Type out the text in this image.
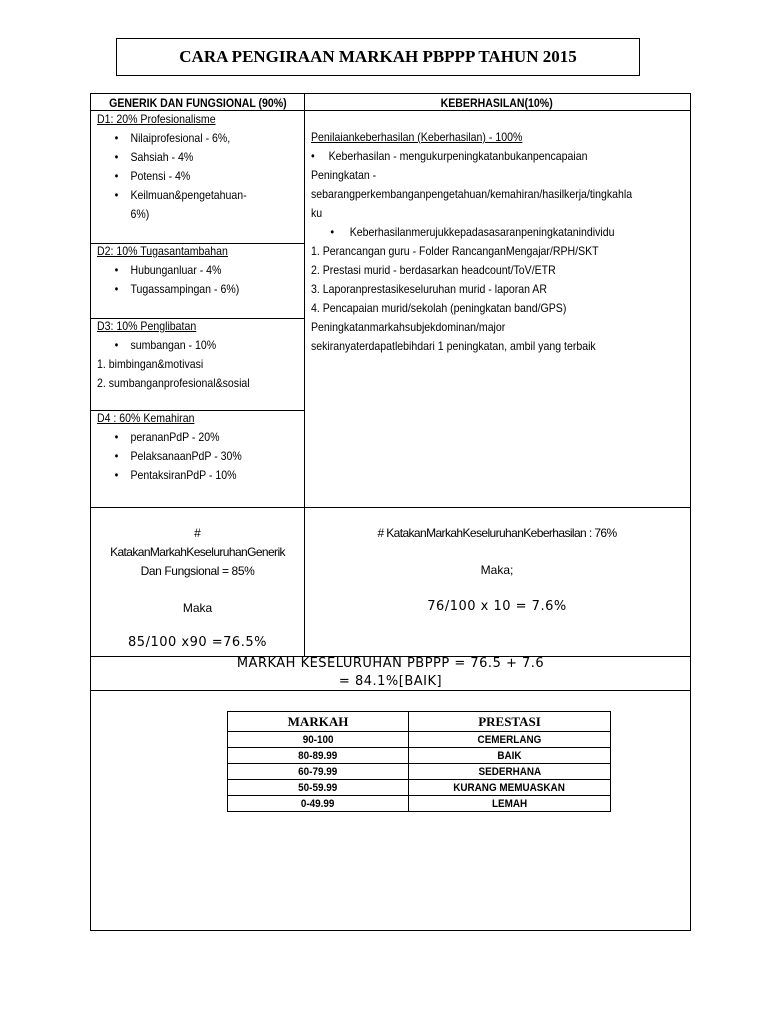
CARA PENGIRAAN MARKAH PBPPP TAHUN 2015
GENERIK DAN FUNGSIONAL (90%)	KEBERHASILAN(10%)
D1: 20% Profesionalisme
• Nilaiprofesional - 6%,
• Sahsiah - 4%
• Potensi - 4%
• Keilmuan&pengetahuan-
6%)
D2: 10% Tugasantambahan
• Hubunganluar - 4%
• Tugassampingan - 6%)
D3: 10% Penglibatan
• sumbangan - 10%
1. bimbingan&motivasi
2. sumbanganprofesional&sosial
D4 : 60% Kemahiran
• perananPdP - 20%
• PelaksanaanPdP - 30%
• PentaksiranPdP - 10%
Penilaiankeberhasilan (Keberhasilan) - 100%
• Keberhasilan - mengukurpeningkatanbukanpencapaian
Peningkatan -
sebarangperkembanganpengetahuan/kemahiran/hasilkerja/tingkahla
ku
• Keberhasilanmerujukkepadasasaranpeningkatanindividu
1. Perancangan guru - Folder RancanganMengajar/RPH/SKT
2. Prestasi murid - berdasarkan headcount/ToV/ETR
3. Laporanprestasikeseluruhan murid - laporan AR
4. Pencapaian murid/sekolah (peningkatan band/GPS)
Peningkatanmarkahsubjekdominan/major
sekiranyaterdapatlebihdari 1 peningkatan, ambil yang terbaik
#
KatakanMarkahKeseluruhanGenerik
Dan Fungsional = 85%
Maka
85/100 x90 =76.5%
# KatakanMarkahKeseluruhanKeberhasilan : 76%
Maka;
76/100 x 10 = 7.6%
MARKAH KESELURUHAN PBPPP = 76.5 + 7.6
= 84.1%[BAIK]
MARKAH	PRESTASI
90-100	CEMERLANG
80-89.99	BAIK
60-79.99	SEDERHANA
50-59.99	KURANG MEMUASKAN
0-49.99	LEMAH
